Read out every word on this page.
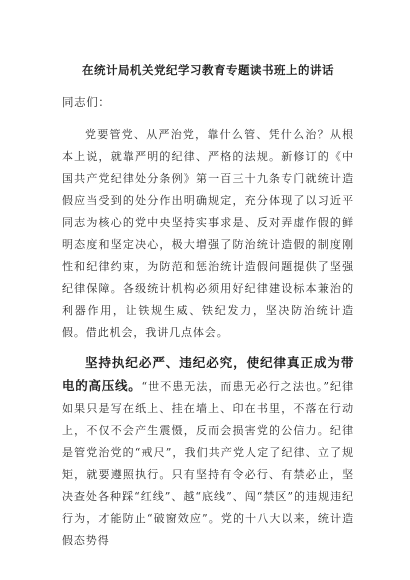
在统计局机关党纪学习教育专题读书班上的讲话
同志们：

党要管党、从严治党，靠什么管、凭什么治？从根本上说，就靠严明的纪律、严格的法规。新修订的《中国共产党纪律处分条例》第一百三十九条专门就统计造假应当受到的处分作出明确规定，充分体现了以习近平同志为核心的党中央坚持实事求是、反对弄虚作假的鲜明态度和坚定决心，极大增强了防治统计造假的制度刚性和纪律约束，为防范和惩治统计造假问题提供了坚强纪律保障。各级统计机构必须用好纪律建设标本兼治的利器作用，让铁规生威、铁纪发力，坚决防治统计造假。借此机会，我讲几点体会。

坚持执纪必严、违纪必究，使纪律真正成为带电的高压线。“世不患无法，而患无必行之法也。”纪律如果只是写在纸上、挂在墙上、印在书里，不落在行动上，不仅不会产生震慑，反而会损害党的公信力。纪律是管党治党的“戒尺”，我们共产党人定了纪律、立了规矩，就要遵照执行。只有坚持有令必行、有禁必止，坚决查处各种踩“红线”、越“底线”、闯“禁区”的违规违纪行为，才能防止“破窗效应”。党的十八大以来，统计造假态势得
